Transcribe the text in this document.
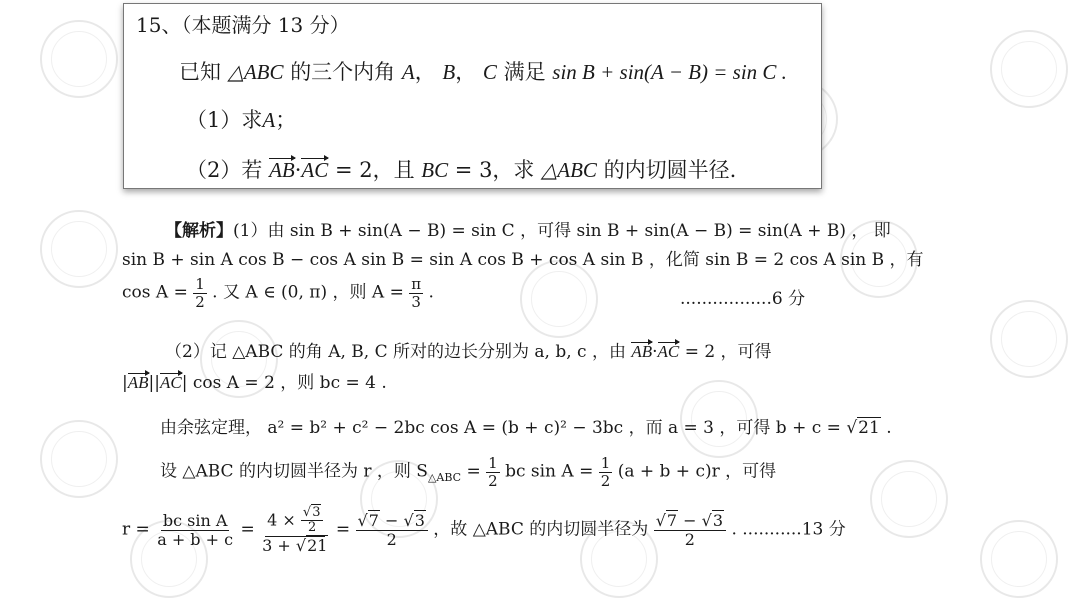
15、（本题满分 13 分）
已知 △ABC 的三个内角 A， B， C 满足 sin B + sin(A − B) = sin C .
（1）求A；
（2）若 AB·AC = 2，且 BC = 3，求 △ABC 的内切圆半径.
【解析】(1）由 sin B + sin(A − B) = sin C ，可得 sin B + sin(A − B) = sin(A + B) ， 即
sin B + sin A cos B − cos A sin B = sin A cos B + cos A sin B ，化简 sin B = 2 cos A sin B ，有
$\cos A = \frac{1}{2}$ . 又 A ∈ (0, π) ，则 $A = \frac{\pi}{3}$ .	.................6 分
（2）记 △ABC 的角 A, B, C 所对的边长分别为 a, b, c ，由 AB·AC = 2 ，可得
|AB||AC| cos A = 2 ，则 bc = 4 .
由余弦定理， a² = b² + c² − 2bc cos A = (b + c)² − 3bc ，而 a = 3 ，可得 b + c = √21 .
设 △ABC 的内切圆半径为 r ，则 $S_{\triangle ABC} = \frac{1}{2}$ bc $\sin A = \frac{1}{2} (a + b + c)r$ ，可得
$r = \frac{\text{bc sin A}}{a + b + c} = \frac{4 \times \frac{√3}{2}}{3 + √21} = \frac{√7 - √3}{2}$ ，故 △ABC 的内切圆半径为 $\frac{√7 - √3}{2}$ . ...........13 分
